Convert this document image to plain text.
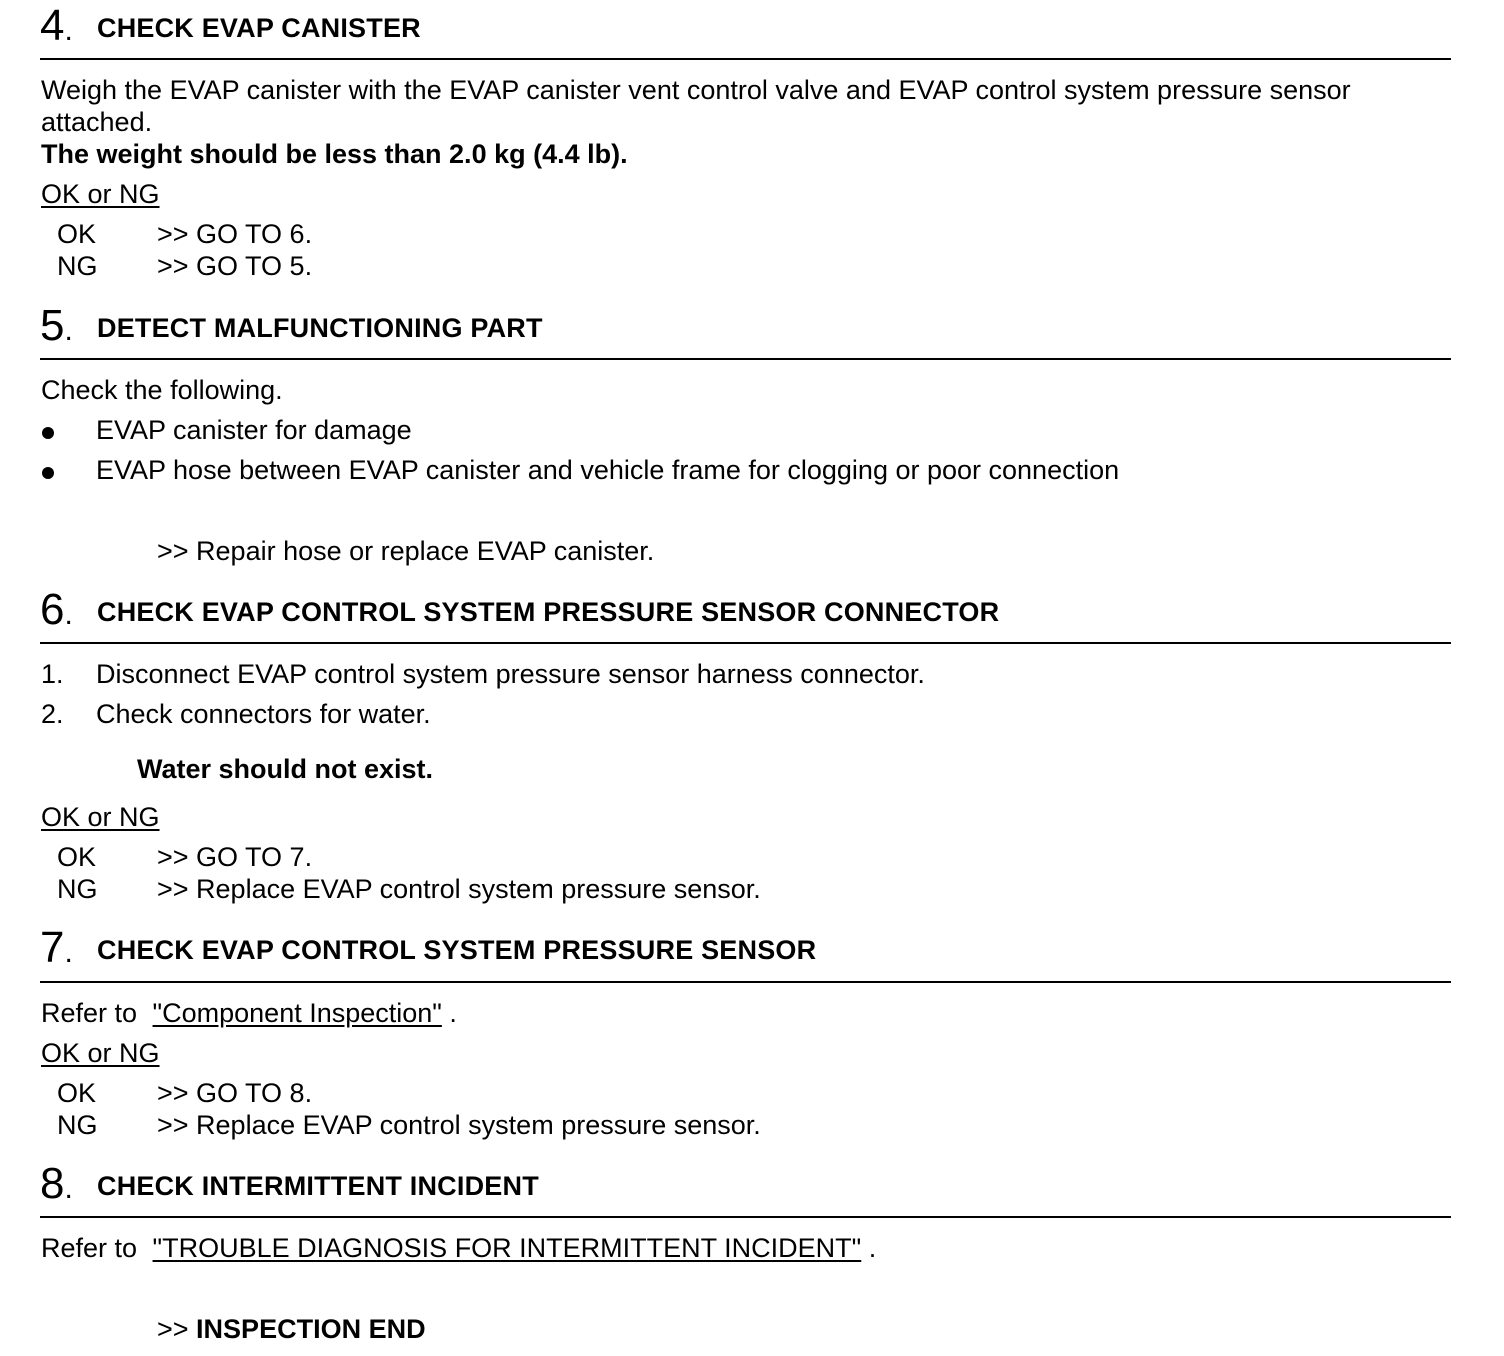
4. CHECK EVAP CANISTER
Weigh the EVAP canister with the EVAP canister vent control valve and EVAP control system pressure sensor
attached.
The weight should be less than 2.0 kg (4.4 lb).
OK or NG
OK >> GO TO 6.
NG >> GO TO 5.
5. DETECT MALFUNCTIONING PART
Check the following.
EVAP canister for damage
EVAP hose between EVAP canister and vehicle frame for clogging or poor connection
>> Repair hose or replace EVAP canister.
6. CHECK EVAP CONTROL SYSTEM PRESSURE SENSOR CONNECTOR
1. Disconnect EVAP control system pressure sensor harness connector.
2. Check connectors for water.
Water should not exist.
OK or NG
OK >> GO TO 7.
NG >> Replace EVAP control system pressure sensor.
7. CHECK EVAP CONTROL SYSTEM PRESSURE SENSOR
Refer to "Component Inspection" .
OK or NG
OK >> GO TO 8.
NG >> Replace EVAP control system pressure sensor.
8. CHECK INTERMITTENT INCIDENT
Refer to "TROUBLE DIAGNOSIS FOR INTERMITTENT INCIDENT" .
>> INSPECTION END
